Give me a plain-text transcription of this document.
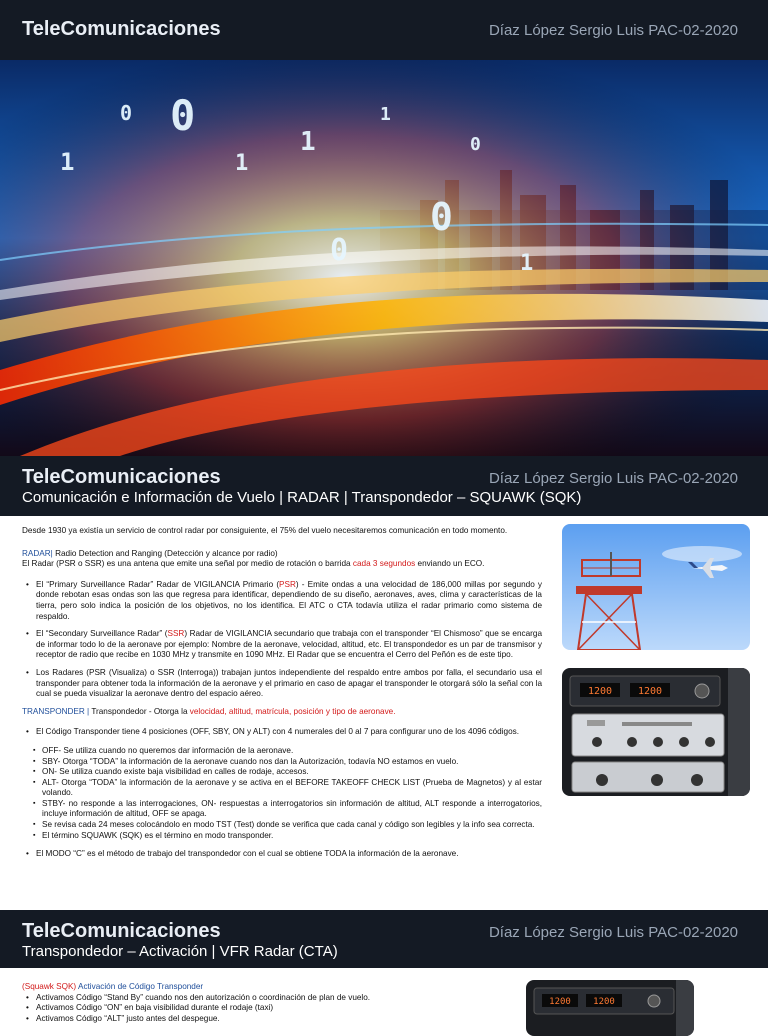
TeleComunicaciones	Díaz López Sergio Luis PAC-02-2020
0
1
0
1
1
0
1
0
0	1
TeleComunicaciones	Díaz López Sergio Luis PAC-02-2020
Comunicación e Información de Vuelo | RADAR | Transpondedor – SQUAWK (SQK)

Desde 1930 ya existía un servicio de control radar por consiguiente, el 75% del vuelo necesitaremos comunicación en todo momento.

RADAR| Radio Detection and Ranging (Detección y alcance por radio)

El Radar (PSR o SSR) es una antena que emite una señal por medio de rotación o barrida cada 3 segundos enviando un ECO.

• El “Primary Surveillance Radar” Radar de VIGILANCIA Primario (PSR) - Emite ondas a una velocidad de 186,000 millas por segundo y donde rebotan esas ondas son las que regresa para identificar, dependiendo de su diseño, aeronaves, aves, clima y características de la tierra, pero solo indica la posición de los objetivos, no los identifica. El ATC o CTA todavía utiliza el radar primario como sistema de respaldo.
• El “Secondary Surveillance Radar” (SSR) Radar de VIGILANCIA secundario que trabaja con el transponder “El Chismoso” que se encarga de informar todo lo de la aeronave por ejemplo: Nombre de la aeronave, velocidad, altitud, etc. El transpondedor es un par de transmisor y receptor de radio que recibe en 1030 MHz y transmite en 1090 MHz. El Radar que se encuentra el Cerro del Peñón es de este tipo.
• Los Radares (PSR (Visualiza) o SSR (Interroga)) trabajan juntos independiente del respaldo entre ambos por falla, el secundario usa el transponder para obtener toda la información de la aeronave y el primario en caso de apagar el transponder le otorgará sólo la señal con la cual se pueda visualizar la aeronave dentro del espacio aéreo.

TRANSPONDER | Transpondedor - Otorga la velocidad, altitud, matrícula, posición y tipo de aeronave.

• El Código Transponder tiene 4 posiciones (OFF, SBY, ON y ALT) con 4 numerales del 0 al 7 para configurar uno de los 4096 códigos.
▪ OFF- Se utiliza cuando no queremos dar información de la aeronave.
▪ SBY- Otorga “TODA” la información de la aeronave cuando nos dan la Autorización, todavía NO estamos en vuelo.
▪ ON- Se utiliza cuando existe baja visibilidad en calles de rodaje, accesos.
▪ ALT- Otorga “TODA” la información de la aeronave y se activa en el BEFORE TAKEOFF CHECK LIST (Prueba de Magnetos) y al estar volando.
▪ STBY- no responde a las interrogaciones, ON- respuestas a interrogatorios sin información de altitud, ALT responde a interrogatorios, incluye información de altitud, OFF se apaga.
▪ Se revisa cada 24 meses colocándolo en modo TST (Test) donde se verifica que cada canal y código son legibles y la info sea correcta.
▪ El término SQUAWK (SQK) es el término en modo transponder.
• El MODO “C” es el método de trabajo del transpondedor con el cual se obtiene TODA la información de la aeronave.
1200	1200
TeleComunicaciones	Díaz López Sergio Luis PAC-02-2020
Transpondedor – Activación | VFR Radar (CTA)

(Squawk SQK) Activación de Código Transponder

• Activamos Código “Stand By” cuando nos den autorización o coordinación de plan de vuelo.
• Activamos Código “ON” en baja visibilidad durante el rodaje (taxi)
• Activamos Código “ALT” justo antes del despegue.
1200 1200
